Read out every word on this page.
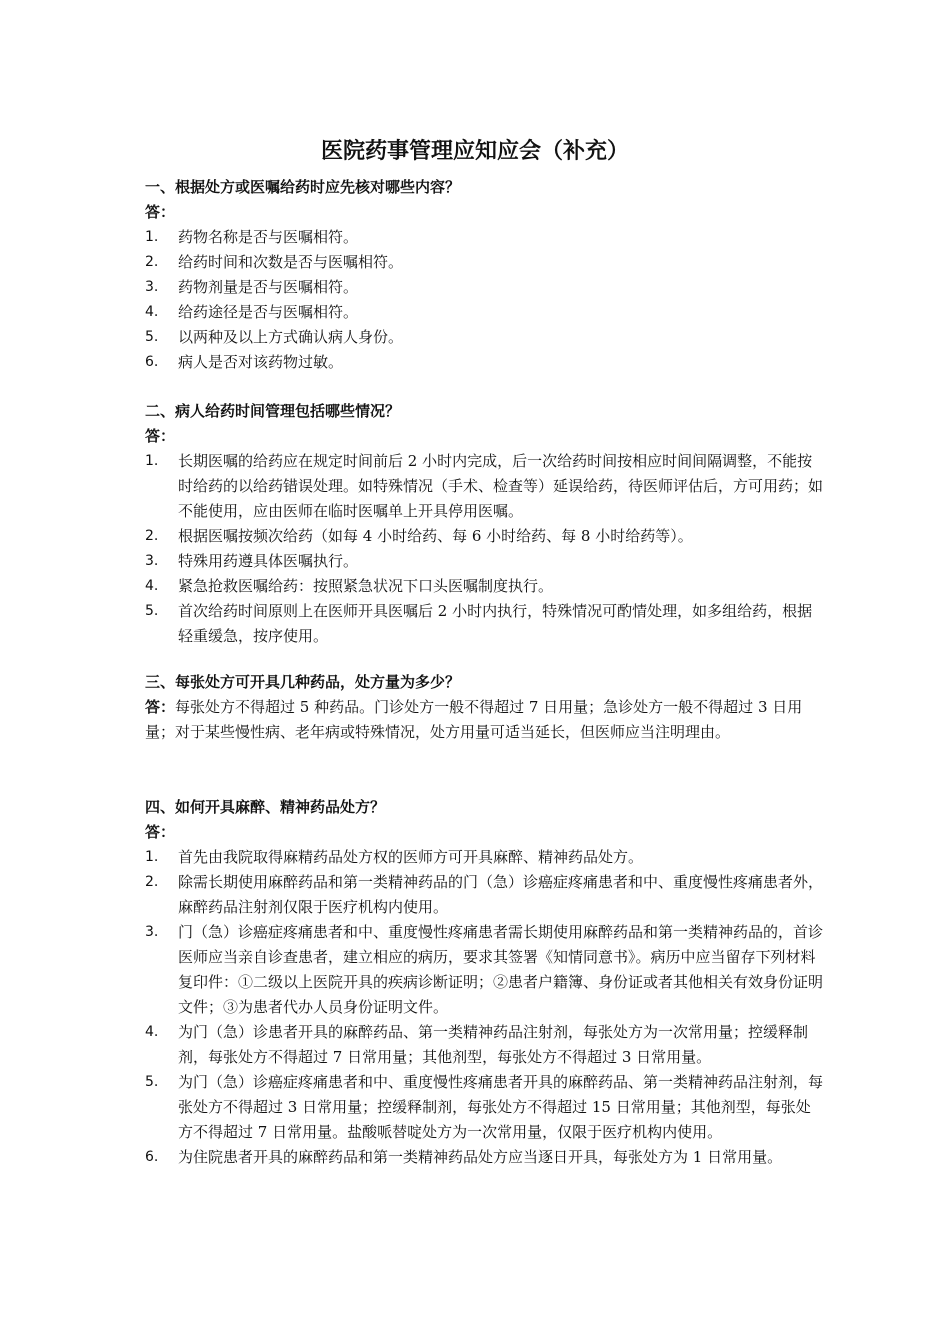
医院药事管理应知应会（补充）
一、根据处方或医嘱给药时应先核对哪些内容？
答：
1.	药物名称是否与医嘱相符。
2.	给药时间和次数是否与医嘱相符。
3.	药物剂量是否与医嘱相符。
4.	给药途径是否与医嘱相符。
5.	以两种及以上方式确认病人身份。
6.	病人是否对该药物过敏。
二、病人给药时间管理包括哪些情况？
答：
1.	长期医嘱的给药应在规定时间前后 2 小时内完成，后一次给药时间按相应时间间隔调整，不能按时给药的以给药错误处理。如特殊情况（手术、检查等）延误给药，待医师评估后，方可用药；如不能使用，应由医师在临时医嘱单上开具停用医嘱。
2.	根据医嘱按频次给药（如每 4 小时给药、每 6 小时给药、每 8 小时给药等）。
3.	特殊用药遵具体医嘱执行。
4.	紧急抢救医嘱给药：按照紧急状况下口头医嘱制度执行。
5.	首次给药时间原则上在医师开具医嘱后 2 小时内执行，特殊情况可酌情处理，如多组给药，根据轻重缓急，按序使用。
三、每张处方可开具几种药品，处方量为多少？
答：每张处方不得超过 5 种药品。门诊处方一般不得超过 7 日用量；急诊处方一般不得超过 3 日用量；对于某些慢性病、老年病或特殊情况，处方用量可适当延长，但医师应当注明理由。
四、如何开具麻醉、精神药品处方？
答：
1.	首先由我院取得麻精药品处方权的医师方可开具麻醉、精神药品处方。
2.	除需长期使用麻醉药品和第一类精神药品的门（急）诊癌症疼痛患者和中、重度慢性疼痛患者外，麻醉药品注射剂仅限于医疗机构内使用。
3.	门（急）诊癌症疼痛患者和中、重度慢性疼痛患者需长期使用麻醉药品和第一类精神药品的，首诊医师应当亲自诊查患者，建立相应的病历，要求其签署《知情同意书》。病历中应当留存下列材料复印件：①二级以上医院开具的疾病诊断证明；②患者户籍簿、身份证或者其他相关有效身份证明文件；③为患者代办人员身份证明文件。
4.	为门（急）诊患者开具的麻醉药品、第一类精神药品注射剂，每张处方为一次常用量；控缓释制剂，每张处方不得超过 7 日常用量；其他剂型，每张处方不得超过 3 日常用量。
5.	为门（急）诊癌症疼痛患者和中、重度慢性疼痛患者开具的麻醉药品、第一类精神药品注射剂，每张处方不得超过 3 日常用量；控缓释制剂，每张处方不得超过 15 日常用量；其他剂型，每张处方不得超过 7 日常用量。盐酸哌替啶处方为一次常用量，仅限于医疗机构内使用。
6.	为住院患者开具的麻醉药品和第一类精神药品处方应当逐日开具，每张处方为 1 日常用量。
